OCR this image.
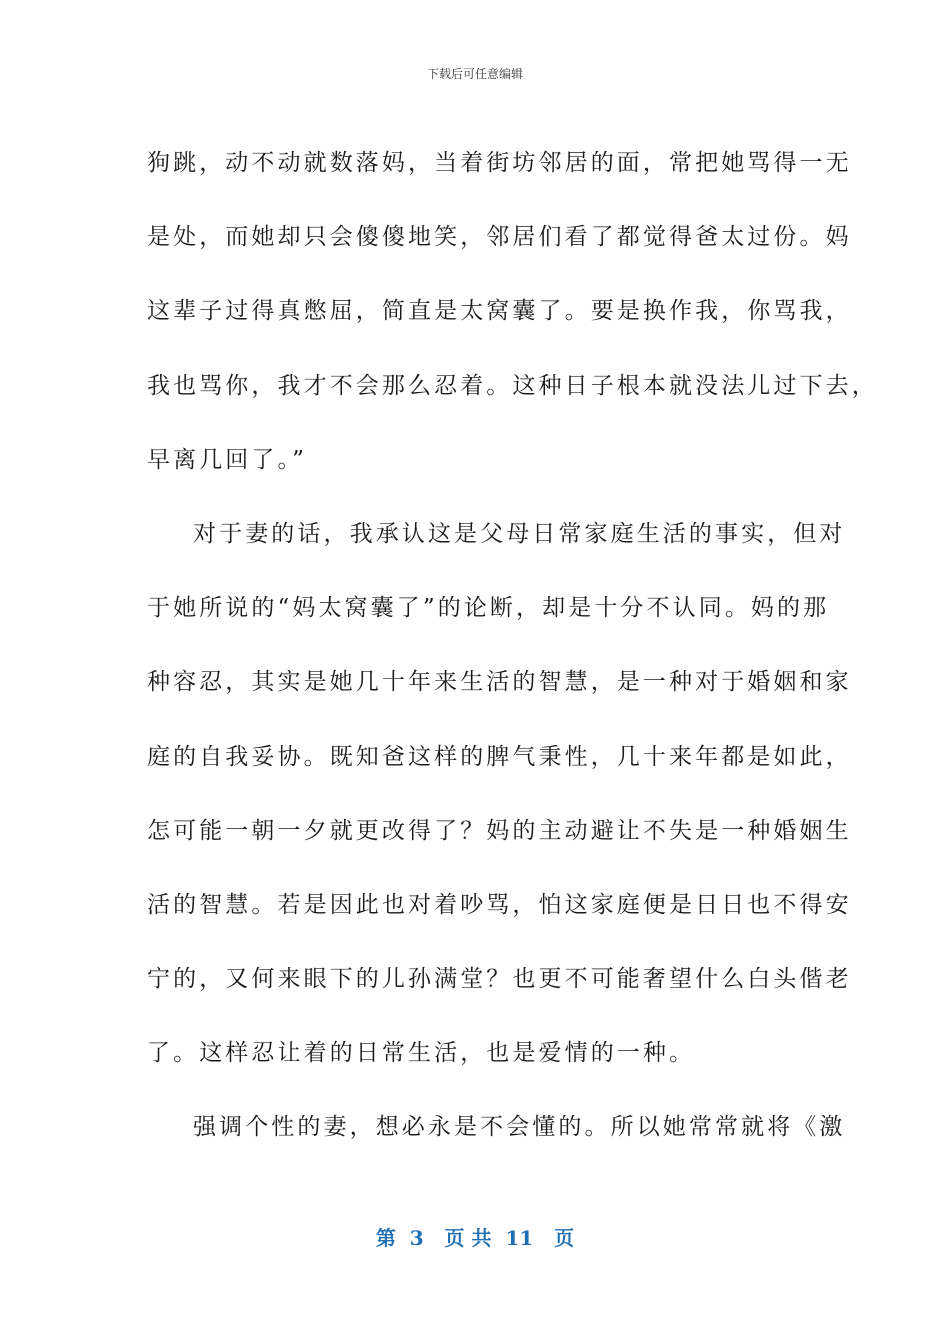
下载后可任意编辑
狗跳，动不动就数落妈，当着街坊邻居的面，常把她骂得一无
是处，而她却只会傻傻地笑，邻居们看了都觉得爸太过份。妈
这辈子过得真憋屈，简直是太窝囊了。要是换作我，你骂我，
我也骂你，我才不会那么忍着。这种日子根本就没法儿过下去，
早离几回了。”
对于妻的话，我承认这是父母日常家庭生活的事实，但对
于她所说的“妈太窝囊了”的论断，却是十分不认同。妈的那
种容忍，其实是她几十年来生活的智慧，是一种对于婚姻和家
庭的自我妥协。既知爸这样的脾气秉性，几十来年都是如此，
怎可能一朝一夕就更改得了？妈的主动避让不失是一种婚姻生
活的智慧。若是因此也对着吵骂，怕这家庭便是日日也不得安
宁的，又何来眼下的儿孙满堂？也更不可能奢望什么白头偕老
了。这样忍让着的日常生活，也是爱情的一种。
强调个性的妻，想必永是不会懂的。所以她常常就将《激
第  3   页 共  11   页
